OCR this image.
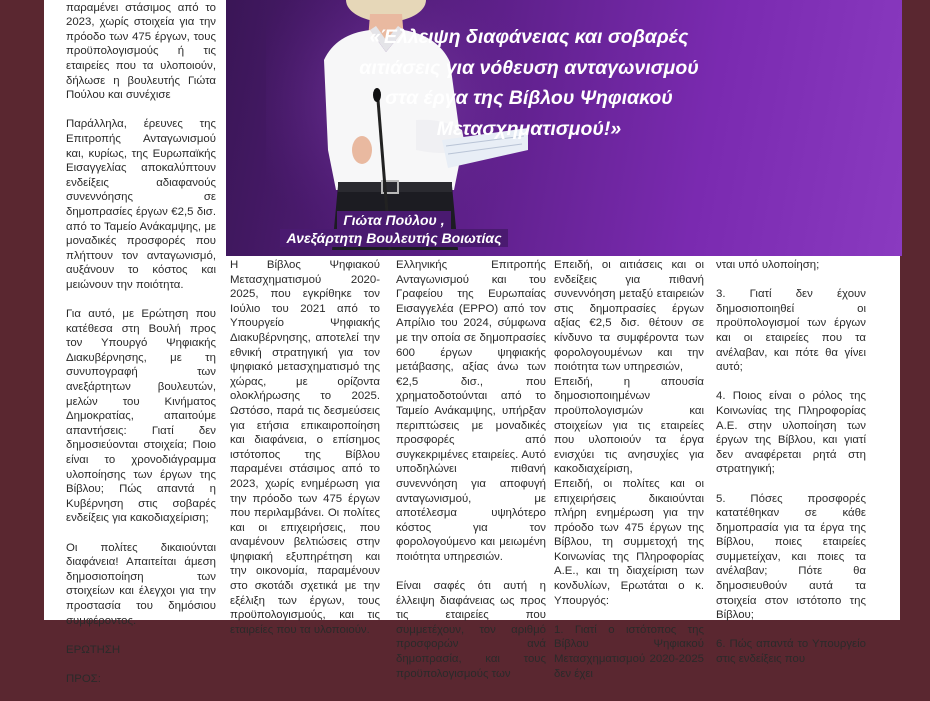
παραμένει στάσιμος από το 2023, χωρίς στοιχεία για την πρόοδο των 475 έργων, τους προϋπολογισμούς ή τις εταιρείες που τα υλοποιούν, δήλωσε η βουλευτής Γιώτα Πούλου και συνέχισε

Παράλληλα, έρευνες της Επιτροπής Ανταγωνισμού και, κυρίως, της Ευρωπαϊκής Εισαγγελίας αποκαλύπτουν ενδείξεις αδιαφανούς συνεννόησης σε δημοπρασίες έργων €2,5 δισ. από το Ταμείο Ανάκαμψης, με μοναδικές προσφορές που πλήττουν τον ανταγωνισμό, αυξάνουν το κόστος και μειώνουν την ποιότητα.

Για αυτό, με Ερώτηση που κατέθεσα στη Βουλή προς τον Υπουργό Ψηφιακής Διακυβέρνησης, με τη συνυπογραφή των ανεξάρτητων βουλευτών, μελών του Κινήματος Δημοκρατίας, απαιτούμε απαντήσεις: Γιατί δεν δημοσιεύονται στοιχεία; Ποιο είναι το χρονοδιάγραμμα υλοποίησης των έργων της Βίβλου; Πώς απαντά η Κυβέρνηση στις σοβαρές ενδείξεις για κακοδιαχείριση;

Οι πολίτες δικαιούνται διαφάνεια! Απαιτείται άμεση δημοσιοποίηση των στοιχείων και έλεγχοι για την προστασία του δημόσιου συμφέροντος.

ΕΡΩΤΗΣΗ

ΠΡΟΣ:

«Έλλειψη διαφάνειας και σοβαρές αιτιάσεις για νόθευση ανταγωνισμού στα έργα της Βίβλου Ψηφιακού Μετασχηματισμού!»
Γιώτα Πούλου ,
Ανεξάρτητη Βουλευτής Βοιωτίας

Η Βίβλος Ψηφιακού Μετασχηματισμού 2020-2025, που εγκρίθηκε τον Ιούλιο του 2021 από το Υπουργείο Ψηφιακής Διακυβέρνησης, αποτελεί την εθνική στρατηγική για τον ψηφιακό μετασχηματισμό της χώρας, με ορίζοντα ολοκλήρωσης το 2025. Ωστόσο, παρά τις δεσμεύσεις για ετήσια επικαιροποίηση και διαφάνεια, ο επίσημος ιστότοπος της Βίβλου παραμένει στάσιμος από το 2023, χωρίς ενημέρωση για την πρόοδο των 475 έργων που περιλαμβάνει. Οι πολίτες και οι επιχειρήσεις, που αναμένουν βελτιώσεις στην ψηφιακή εξυπηρέτηση και την οικονομία, παραμένουν στο σκοτάδι σχετικά με την εξέλιξη των έργων, τους προϋπολογισμούς, και τις εταιρείες που τα υλοποιούν.

Ελληνικής Επιτροπής Ανταγωνισμού και του Γραφείου της Ευρωπαίας Εισαγγελέα (EPPO) από τον Απρίλιο του 2024, σύμφωνα με την οποία σε δημοπρασίες 600 έργων ψηφιακής μετάβασης, αξίας άνω των €2,5 δισ., που χρηματοδοτούνται από το Ταμείο Ανάκαμψης, υπήρξαν περιπτώσεις με μοναδικές προσφορές από συγκεκριμένες εταιρείες. Αυτό υποδηλώνει πιθανή συνεννόηση για αποφυγή ανταγωνισμού, με αποτέλεσμα υψηλότερο κόστος για τον φορολογούμενο και μειωμένη ποιότητα υπηρεσιών.

Είναι σαφές ότι αυτή η έλλειψη διαφάνειας ως προς τις εταιρείες που συμμετέχουν, τον αριθμό προσφορών ανά δημοπρασία, και τους προϋπολογισμούς των

Επειδή, οι αιτιάσεις και οι ενδείξεις για πιθανή συνεννόηση μεταξύ εταιρειών στις δημοπρασίες έργων αξίας €2,5 δισ. θέτουν σε κίνδυνο τα συμφέροντα των φορολογουμένων και την ποιότητα των υπηρεσιών,

Επειδή, η απουσία δημοσιοποιημένων προϋπολογισμών και στοιχείων για τις εταιρείες που υλοποιούν τα έργα ενισχύει τις ανησυχίες για κακοδιαχείριση,

Επειδή, οι πολίτες και οι επιχειρήσεις δικαιούνται πλήρη ενημέρωση για την πρόοδο των 475 έργων της Βίβλου, τη συμμετοχή της Κοινωνίας της Πληροφορίας Α.Ε., και τη διαχείριση των κονδυλίων, Ερωτάται ο κ. Υπουργός:

1. Γιατί ο ιστότοπος της Βίβλου Ψηφιακού Μετασχηματισμού 2020-2025 δεν έχει

νται υπό υλοποίηση;

3. Γιατί δεν έχουν δημοσιοποιηθεί οι προϋπολογισμοί των έργων και οι εταιρείες που τα ανέλαβαν, και πότε θα γίνει αυτό;

4. Ποιος είναι ο ρόλος της Κοινωνίας της Πληροφορίας Α.Ε. στην υλοποίηση των έργων της Βίβλου, και γιατί δεν αναφέρεται ρητά στη στρατηγική;

5. Πόσες προσφορές κατατέθηκαν σε κάθε δημοπρασία για τα έργα της Βίβλου, ποιες εταιρείες συμμετείχαν, και ποιες τα ανέλαβαν; Πότε θα δημοσιευθούν αυτά τα στοιχεία στον ιστότοπο της Βίβλου;

6. Πώς απαντά το Υπουργείο στις ενδείξεις που
